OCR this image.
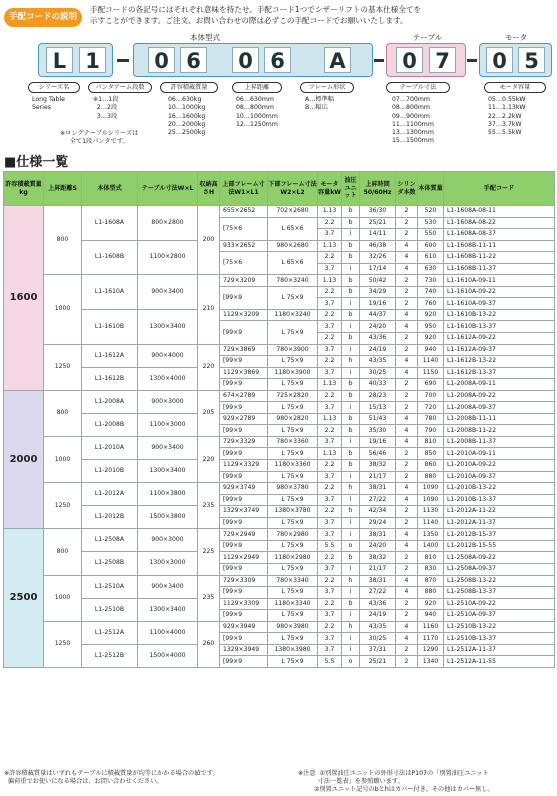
手配コードの説明
手配コードの各記号にはそれぞれ意味を持たせ、手配コード1つでシザーリフトの基本仕様全てを
示すことができます。ご注文、お問い合わせの際は必ずこの手配コードでお願いいたします。
本体型式	テーブル	モータ
L 1	0 6 0 6 A	0 7 0 5
シリーズ名	パンタアーム段数	許容積載質量	上昇距離	フレーム形状	テーブル寸法	モータ容量
Long Table
Series
※1…1段
2…2段
3…3段
※ロングテーブルシリーズは
全て1段パンタです。
06…630kg
10…1000kg
16…1600kg
20…2000kg
25…2500kg
06…630mm
08…800mm
10…1000mm
12…1250mm
A…標準幅
B…幅広
07…700mm
08…800mm
09…900mm
11…1100mm
13…1300mm
15…1500mm
05…0.55kW
11…1.13kW
22…2.2kW
37…3.7kW
55…5.5kW
■仕様一覧
許容積載質量kg	上昇距離S	本体型式	テーブル寸法W×L	収納高さH	上部フレーム寸法W1×L1	下部フレーム寸法W2×L2	モータ容量kW	油圧ユニット	上昇時間50/60Hz	シリンダ本数	本体質量	手配コード
1600	800	L1-1608A	800×2800	200	655×2652	702×2680	1.13	b	36/30	2	520	L1-1608A-08-11
					[75×6	L 65×6	2.2	b	25/21	2	530	L1-1608A-08-22
							3.7	i	14/11	2	550	L1-1608A-08-37
		L1-1608B	1100×2800		933×2652	980×2680	1.13	b	46/38	4	600	L1-1608B-11-11
					[75×6	L 65×6	2.2	b	32/26	4	610	L1-1608B-11-22
							3.7	i	17/14	4	630	L1-1608B-11-37
	1000	L1-1610A	900×3400	210	729×3209	780×3240	1.13	b	50/42	2	730	L1-1610A-09-11
					[99×9	L 75×9	2.2	b	34/29	2	740	L1-1610A-09-22
							3.7	i	19/16	2	760	L1-1610A-09-37
		L1-1610B	1300×3400		1129×3209	1180×3240	2.2	b	44/37	4	920	L1-1610B-13-22
					[99×9	L 75×9	3.7	i	24/20	4	950	L1-1610B-13-37
							2.2	b	43/36	2	920	L1-1612A-09-22
	1250	L1-1612A	900×4000	220	729×3869	780×3900	3.7	i	24/19	2	940	L1-1612A-09-37
					[99×9	L 75×9	2.2	h	43/35	4	1140	L1-1612B-13-22
		L1-1612B	1300×4000		1129×3869	1180×3900	3.7	i	30/25	4	1150	L1-1612B-13-37
					[99×9	L 75×9	1.13	b	40/33	2	690	L1-2008A-09-11
2000	800	L1-2008A	900×3000	205	674×2789	725×2820	2.2	b	28/23	2	700	L1-2008A-09-22
					[99×9	L 75×9	3.7	i	15/13	2	720	L1-2008A-09-37
		L1-2008B	1100×3000		929×2789	980×2820	1.13	b	51/43	4	780	L1-2008B-11-11
					[99×9	L 75×9	2.2	b	35/30	4	790	L1-2008B-11-22
	1000	L1-2010A	900×3400	220	729×3329	780×3360	3.7	i	19/16	4	810	L1-2008B-11-37
					[99×9	L 75×9	1.13	b	56/46	2	850	L1-2010A-09-11
		L1-2010B	1300×3400		1129×3329	1180×3360	2.2	b	38/32	2	860	L1-2010A-09-22
					[99×9	L 75×9	3.7	i	21/17	2	880	L1-2010A-09-37
	1250	L1-2012A	1100×3800	235	929×3749	980×3780	2.2	h	38/31	4	1090	L1-2010B-13-22
					[99×9	L 75×9	3.7	i	27/22	4	1090	L1-2010B-13-37
		L1-2012B	1500×3800		1329×3749	1380×3780	2.2	h	42/34	2	1130	L1-2012A-11-22
					[99×9	L 75×9	3.7	i	29/24	2	1140	L1-2012A-11-37
2500	800	L1-2508A	900×3000	225	729×2949	780×2980	3.7	i	38/31	4	1350	L1-2012B-15-37
					[99×9	L 75×9	5.5	o	24/20	4	1400	L1-2012B-15-55
		L1-2508B	1300×3000		1129×2949	1180×2980	2.2	b	38/32	2	810	L1-2508A-09-22
					[99×9	L 75×9	3.7	i	21/17	2	830	L1-2508A-09-37
	1000	L1-2510A	900×3400	235	729×3309	780×3340	2.2	h	38/31	4	870	L1-2508B-13-22
					[99×9	L 75×9	3.7	i	27/22	4	880	L1-2508B-13-37
		L1-2510B	1300×3400		1129×3309	1180×3340	2.2	b	43/36	2	920	L1-2510A-09-22
					[99×9	L 75×9	3.7	i	24/19	2	940	L1-2510A-09-37
	1250	L1-2512A	1100×4000	260	929×3949	980×3980	2.2	h	43/35	4	1160	L1-2510B-13-22
					[99×9	L 75×9	3.7	i	30/25	4	1170	L1-2510B-13-37
		L1-2512B	1500×4000		1329×3949	1380×3980	3.7	i	37/31	2	1290	L1-2512A-11-37
					[99×9	L 75×9	5.5	o	25/21	2	1340	L1-2512A-11-55
※許容積載質量はいずれもテーブルに積載質量が均等にかかる場合の値です。
偏荷重でお使いになる場合は、お問い合わせください。
※注意  ①別置油圧ユニットの外形寸法はP107の「別置油圧ユニット
寸法一覧表」を参照願います。
②別置ユニット記号のbとhはカバー付き、その他はカバー無し。
